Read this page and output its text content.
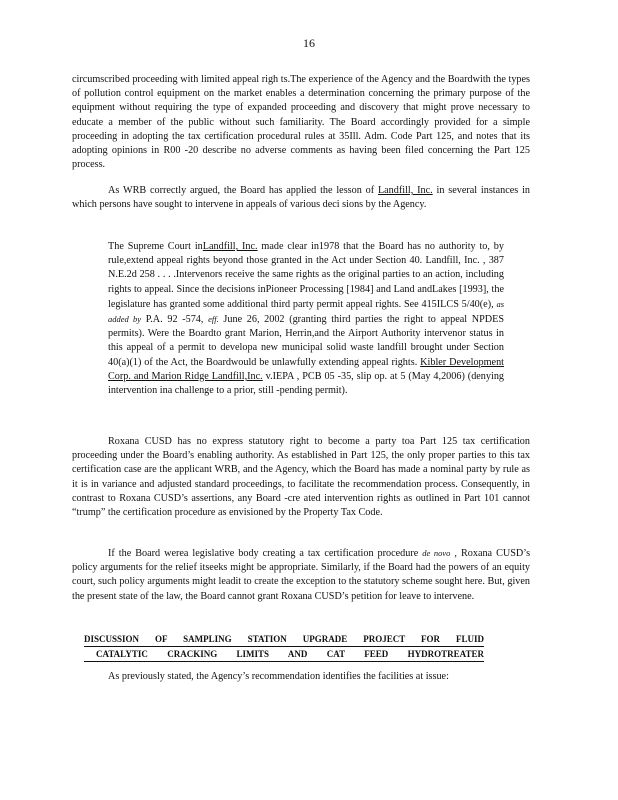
16

circumscribed proceeding with limited appeal righ ts.The experience of the Agency and the Boardwith the types of pollution control equipment on the market enables a determination concerning the primary purpose of the equipment without requiring the type of expanded proceeding and discovery that might prove necessary to educate a member of the public without such familiarity. The Board accordingly provided for a simple proceeding in adopting the tax certification procedural rules at 35Ill. Adm. Code Part 125, and notes that its adopting opinions in R00 -20 describe no adverse comments as having been filed concerning the Part 125 process.

As WRB correctly argued, the Board has applied the lesson of Landfill, Inc. in several instances in which persons have sought to intervene in appeals of various deci sions by the Agency.

The Supreme Court inLandfill, Inc. made clear in1978 that the Board has no authority to, by rule,extend appeal rights beyond those granted in the Act under Section 40. Landfill, Inc. , 387 N.E.2d 258 . . . .Intervenors receive the same rights as the original parties to an action, including rights to appeal. Since the decisions inPioneer Processing [1984] and Land andLakes [1993], the legislature has granted some additional third party permit appeal rights. See 415ILCS 5/40(e), as added by P.A. 92 -574, eff. June 26, 2002 (granting third parties the right to appeal NPDES permits). Were the Boardto grant Marion, Herrin,and the Airport Authority intervenor status in this appeal of a permit to developa new municipal solid waste landfill brought under Section 40(a)(1) of the Act, the Boardwould be unlawfully extending appeal rights. Kibler Development Corp. and Marion Ridge Landfill,Inc. v.IEPA , PCB 05 -35, slip op. at 5 (May 4,2006) (denying intervention ina challenge to a prior, still -pending permit).

Roxana CUSD has no express statutory right to become a party toa Part 125 tax certification proceeding under the Board’s enabling authority. As established in Part 125, the only proper parties to this tax certification case are the applicant WRB, and the Agency, which the Board has made a nominal party by rule as it is in variance and adjusted standard proceedings, to facilitate the recommendation process. Consequently, in contrast to Roxana CUSD’s assertions, any Board -cre ated intervention rights as outlined in Part 101 cannot “trump” the certification procedure as envisioned by the Property Tax Code.

If the Board werea legislative body creating a tax certification procedure de novo , Roxana CUSD’s policy arguments for the relief itseeks might be appropriate. Similarly, if the Board had the powers of an equity court, such policy arguments might leadit to create the exception to the statutory scheme sought here. But, given the present state of the law, the Board cannot grant Roxana CUSD’s petition for leave to intervene.

DISCUSSION OF SAMPLING STATION UPGRADE PROJECT FOR FLUID
CATALYTIC CRACKING LIMITS AND CAT FEED HYDROTREATER

As previously stated, the Agency’s recommendation identifies the facilities at issue:
